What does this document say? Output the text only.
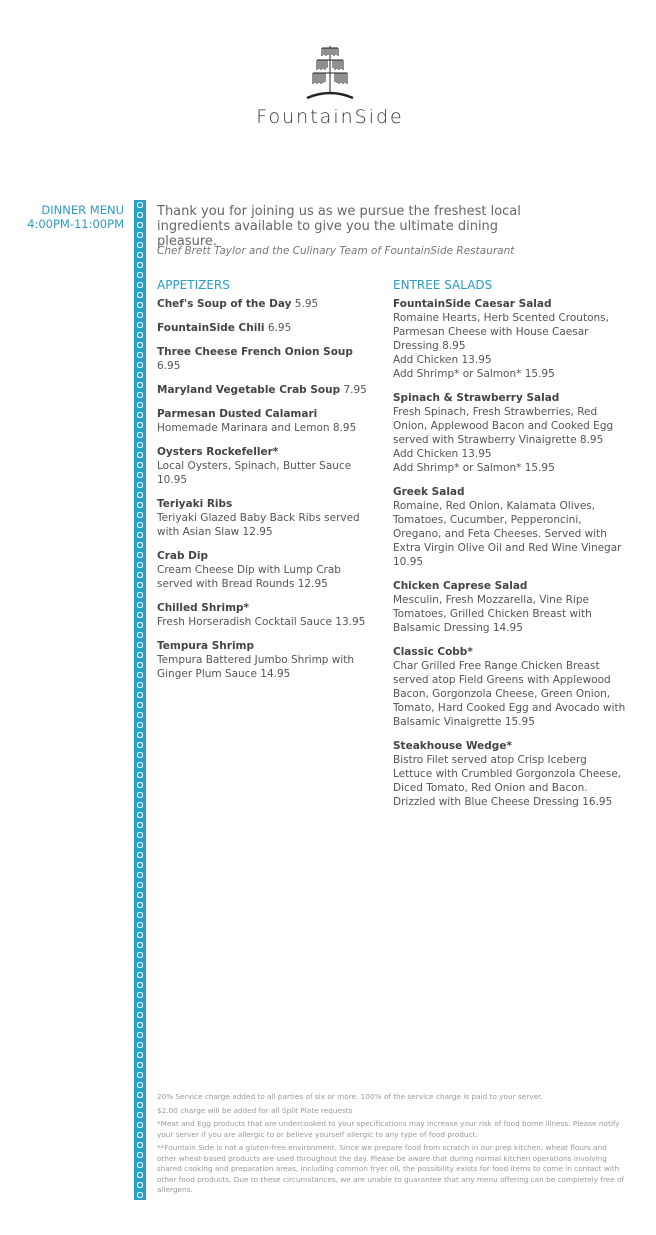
FountainSide
DINNER MENU
4:00PM-11:00PM
Thank you for joining us as we pursue the freshest local ingredients available to give you the ultimate dining pleasure.
Chef Brett Taylor and the Culinary Team of FountainSide Restaurant
APPETIZERS
Chef's Soup of the Day 5.95
FountainSide Chili 6.95
Three Cheese French Onion Soup 6.95
Maryland Vegetable Crab Soup 7.95
Parmesan Dusted Calamari
Homemade Marinara and Lemon 8.95
Oysters Rockefeller*
Local Oysters, Spinach, Butter Sauce 10.95
Teriyaki Ribs
Teriyaki Glazed Baby Back Ribs served with Asian Slaw 12.95
Crab Dip
Cream Cheese Dip with Lump Crab served with Bread Rounds 12.95
Chilled Shrimp*
Fresh Horseradish Cocktail Sauce 13.95
Tempura Shrimp
Tempura Battered Jumbo Shrimp with Ginger Plum Sauce 14.95
ENTREE SALADS
FountainSide Caesar Salad
Romaine Hearts, Herb Scented Croutons, Parmesan Cheese with House Caesar Dressing 8.95
Add Chicken 13.95
Add Shrimp* or Salmon* 15.95
Spinach & Strawberry Salad
Fresh Spinach, Fresh Strawberries, Red Onion, Applewood Bacon and Cooked Egg served with Strawberry Vinaigrette 8.95
Add Chicken 13.95
Add Shrimp* or Salmon* 15.95
Greek Salad
Romaine, Red Onion, Kalamata Olives, Tomatoes, Cucumber, Pepperoncini, Oregano, and Feta Cheeses. Served with Extra Virgin Olive Oil and Red Wine Vinegar 10.95
Chicken Caprese Salad
Mesculin, Fresh Mozzarella, Vine Ripe Tomatoes, Grilled Chicken Breast with Balsamic Dressing 14.95
Classic Cobb*
Char Grilled Free Range Chicken Breast served atop Field Greens with Applewood Bacon, Gorgonzola Cheese, Green Onion, Tomato, Hard Cooked Egg and Avocado with Balsamic Vinaigrette 15.95
Steakhouse Wedge*
Bistro Filet served atop Crisp Iceberg Lettuce with Crumbled Gorgonzola Cheese, Diced Tomato, Red Onion and Bacon. Drizzled with Blue Cheese Dressing 16.95

20% Service charge added to all parties of six or more. 100% of the service charge is paid to your server.

$2.00 charge will be added for all Split Plate requests

*Meat and Egg products that are undercooked to your specifications may increase your risk of food borne illness. Please notify your server if you are allergic to or believe yourself allergic to any type of food product.

**Fountain Side is not a gluten-free environment. Since we prepare food from scratch in our prep kitchen, wheat flours and other wheat-based products are used throughout the day. Please be aware that during normal kitchen operations involving shared cooking and preparation areas, including common fryer oil, the possibility exists for food items to come in contact with other food products. Due to these circumstances, we are unable to guarantee that any menu offering can be completely free of allergens.
